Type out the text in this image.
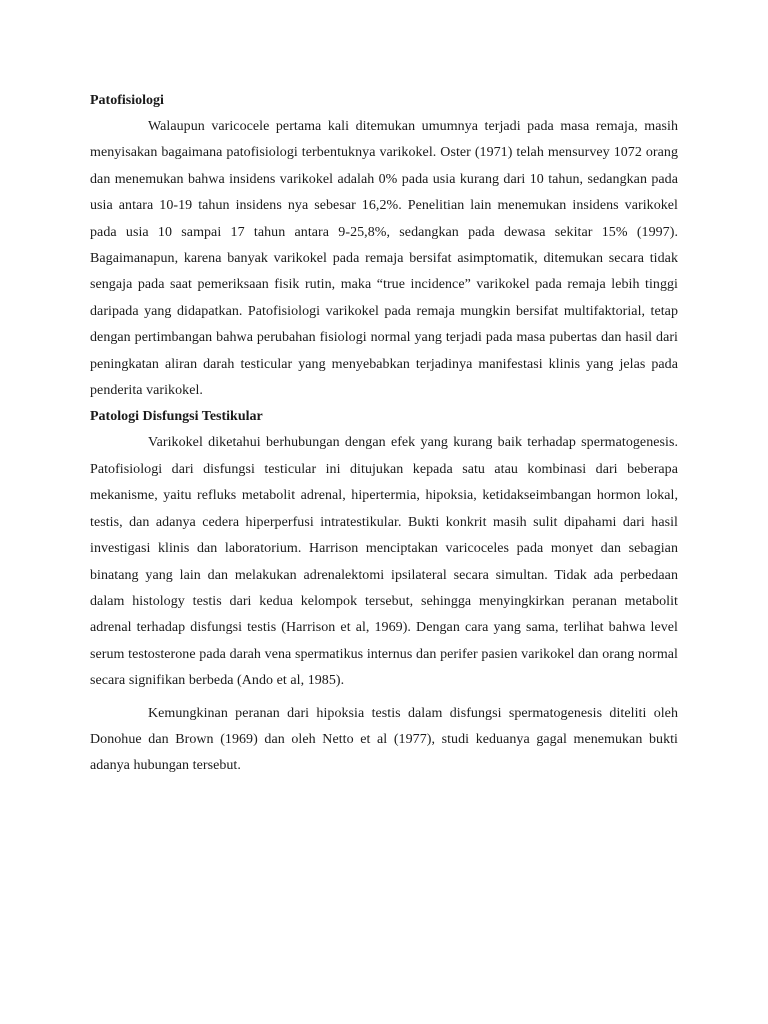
Patofisiologi

Walaupun varicocele pertama kali ditemukan umumnya terjadi pada masa remaja, masih menyisakan bagaimana patofisiologi terbentuknya varikokel. Oster (1971) telah mensurvey 1072 orang dan menemukan bahwa insidens varikokel adalah 0% pada usia kurang dari 10 tahun, sedangkan pada usia antara 10-19 tahun insidens nya sebesar 16,2%. Penelitian lain menemukan insidens varikokel pada usia 10 sampai 17 tahun antara 9-25,8%, sedangkan pada dewasa sekitar 15% (1997). Bagaimanapun, karena banyak varikokel pada remaja bersifat asimptomatik, ditemukan secara tidak sengaja pada saat pemeriksaan fisik rutin, maka “true incidence” varikokel pada remaja lebih tinggi daripada yang didapatkan. Patofisiologi varikokel pada remaja mungkin bersifat multifaktorial, tetap dengan pertimbangan bahwa perubahan fisiologi normal yang terjadi pada masa pubertas dan hasil dari peningkatan aliran darah testicular yang menyebabkan terjadinya manifestasi klinis yang jelas pada penderita varikokel.

Patologi Disfungsi Testikular

Varikokel diketahui berhubungan dengan efek yang kurang baik terhadap spermatogenesis. Patofisiologi dari disfungsi testicular ini ditujukan kepada satu atau kombinasi dari beberapa mekanisme, yaitu refluks metabolit adrenal, hipertermia, hipoksia, ketidakseimbangan hormon lokal, testis, dan adanya cedera hiperperfusi intratestikular. Bukti konkrit masih sulit dipahami dari hasil investigasi klinis dan laboratorium. Harrison menciptakan varicoceles pada monyet dan sebagian binatang yang lain dan melakukan adrenalektomi ipsilateral secara simultan. Tidak ada perbedaan dalam histology testis dari kedua kelompok tersebut, sehingga menyingkirkan peranan metabolit adrenal terhadap disfungsi testis (Harrison et al, 1969). Dengan cara yang sama, terlihat bahwa level serum testosterone pada darah vena spermatikus internus dan perifer pasien varikokel dan orang normal secara signifikan berbeda (Ando et al, 1985).

Kemungkinan peranan dari hipoksia testis dalam disfungsi spermatogenesis diteliti oleh Donohue dan Brown (1969) dan oleh Netto et al (1977), studi keduanya gagal menemukan bukti adanya hubungan tersebut.
